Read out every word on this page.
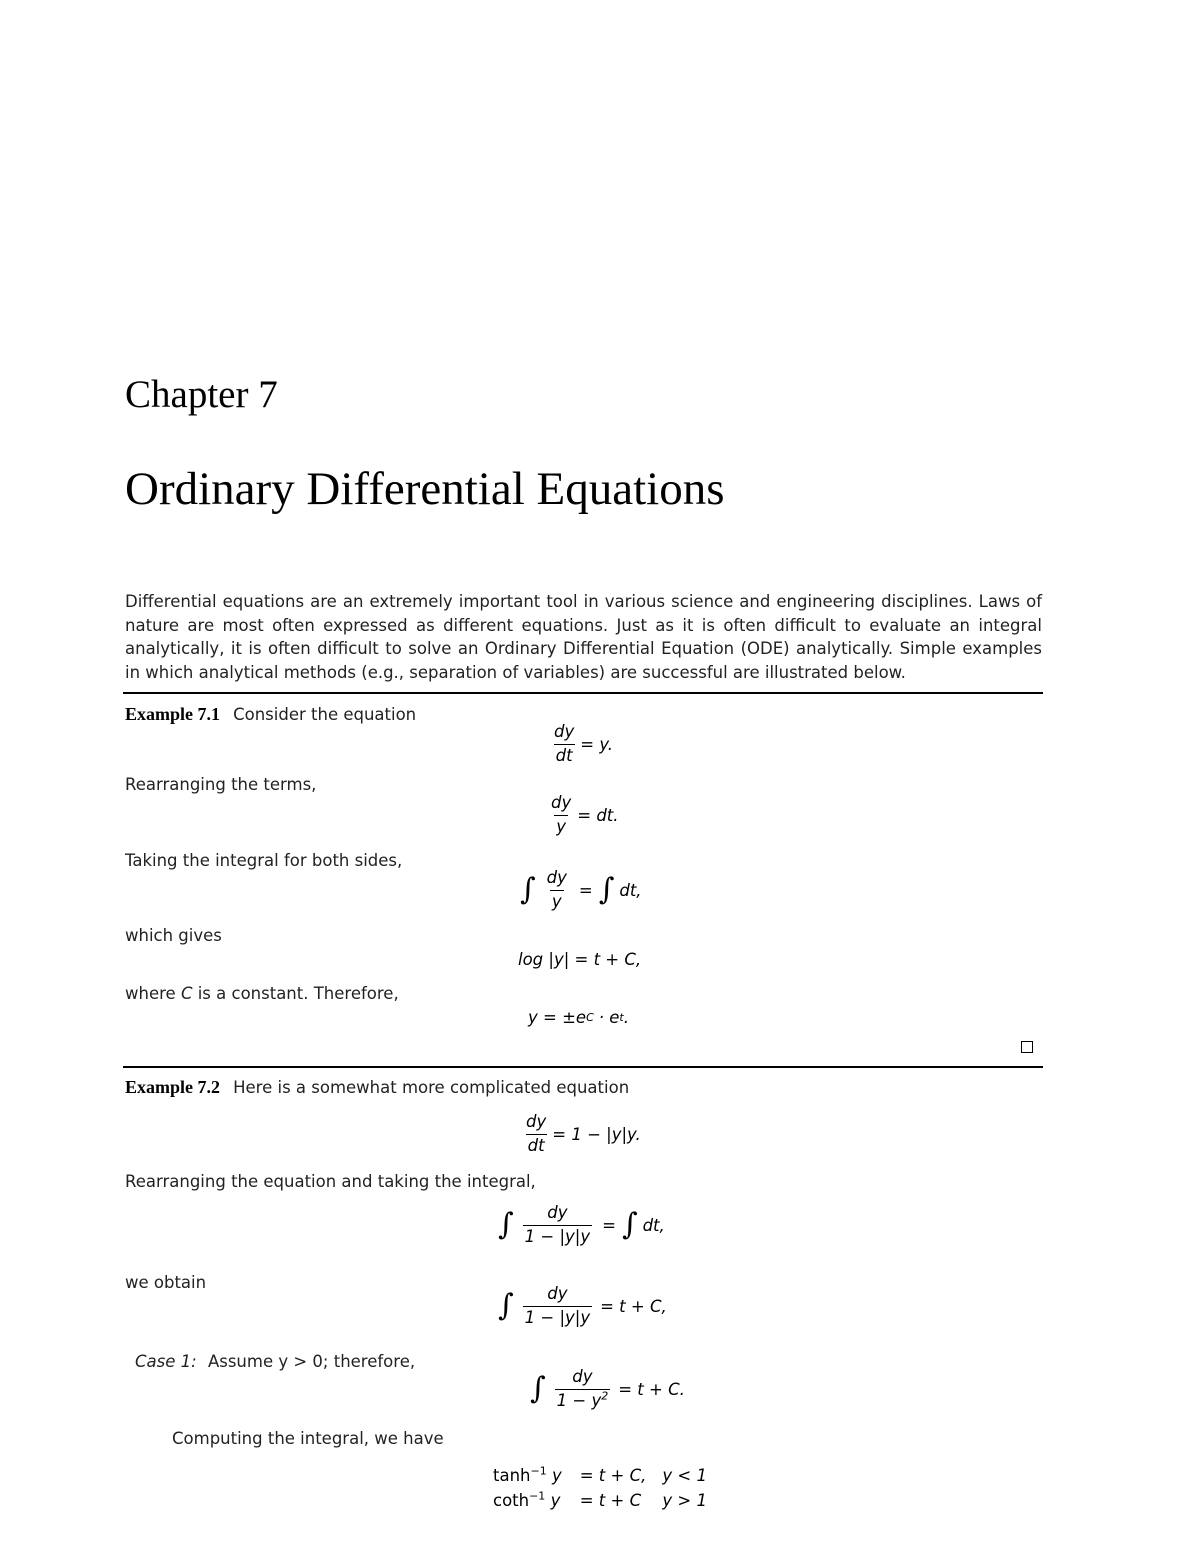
Chapter 7
Ordinary Differential Equations
Differential equations are an extremely important tool in various science and engineering disciplines. Laws of nature are most often expressed as different equations. Just as it is often difficult to evaluate an integral analytically, it is often difficult to solve an Ordinary Differential Equation (ODE) analytically. Simple examples in which analytical methods (e.g., separation of variables) are successful are illustrated below.
Example 7.1 Consider the equation
$\frac{dy}{dt} = y$.
Rearranging the terms,
$\frac{dy}{y}$ = dt.
Taking the integral for both sides,
∫ $\frac{dy}{y}$ = ∫ dt,
which gives
log |y| = t + C,
where C is a constant. Therefore,
y = ±e C · e t .
Example 7.2 Here is a somewhat more complicated equation
$\frac{dy}{dt} = 1 - |y|y$.
Rearranging the equation and taking the integral,
∫ $\frac{dy}{1 - |y|y}$ = ∫ dt,
we obtain
∫ $\frac{dy}{1 - |y|y} = t + C$,
Case 1: Assume y > 0; therefore,
∫ $\frac{dy}{1 - y^2} = t + C$.
Computing the integral, we have
$\tanh^{-1} y = t + C$, y < 1
coth$^{-1}$ y = t + C	y > 1
